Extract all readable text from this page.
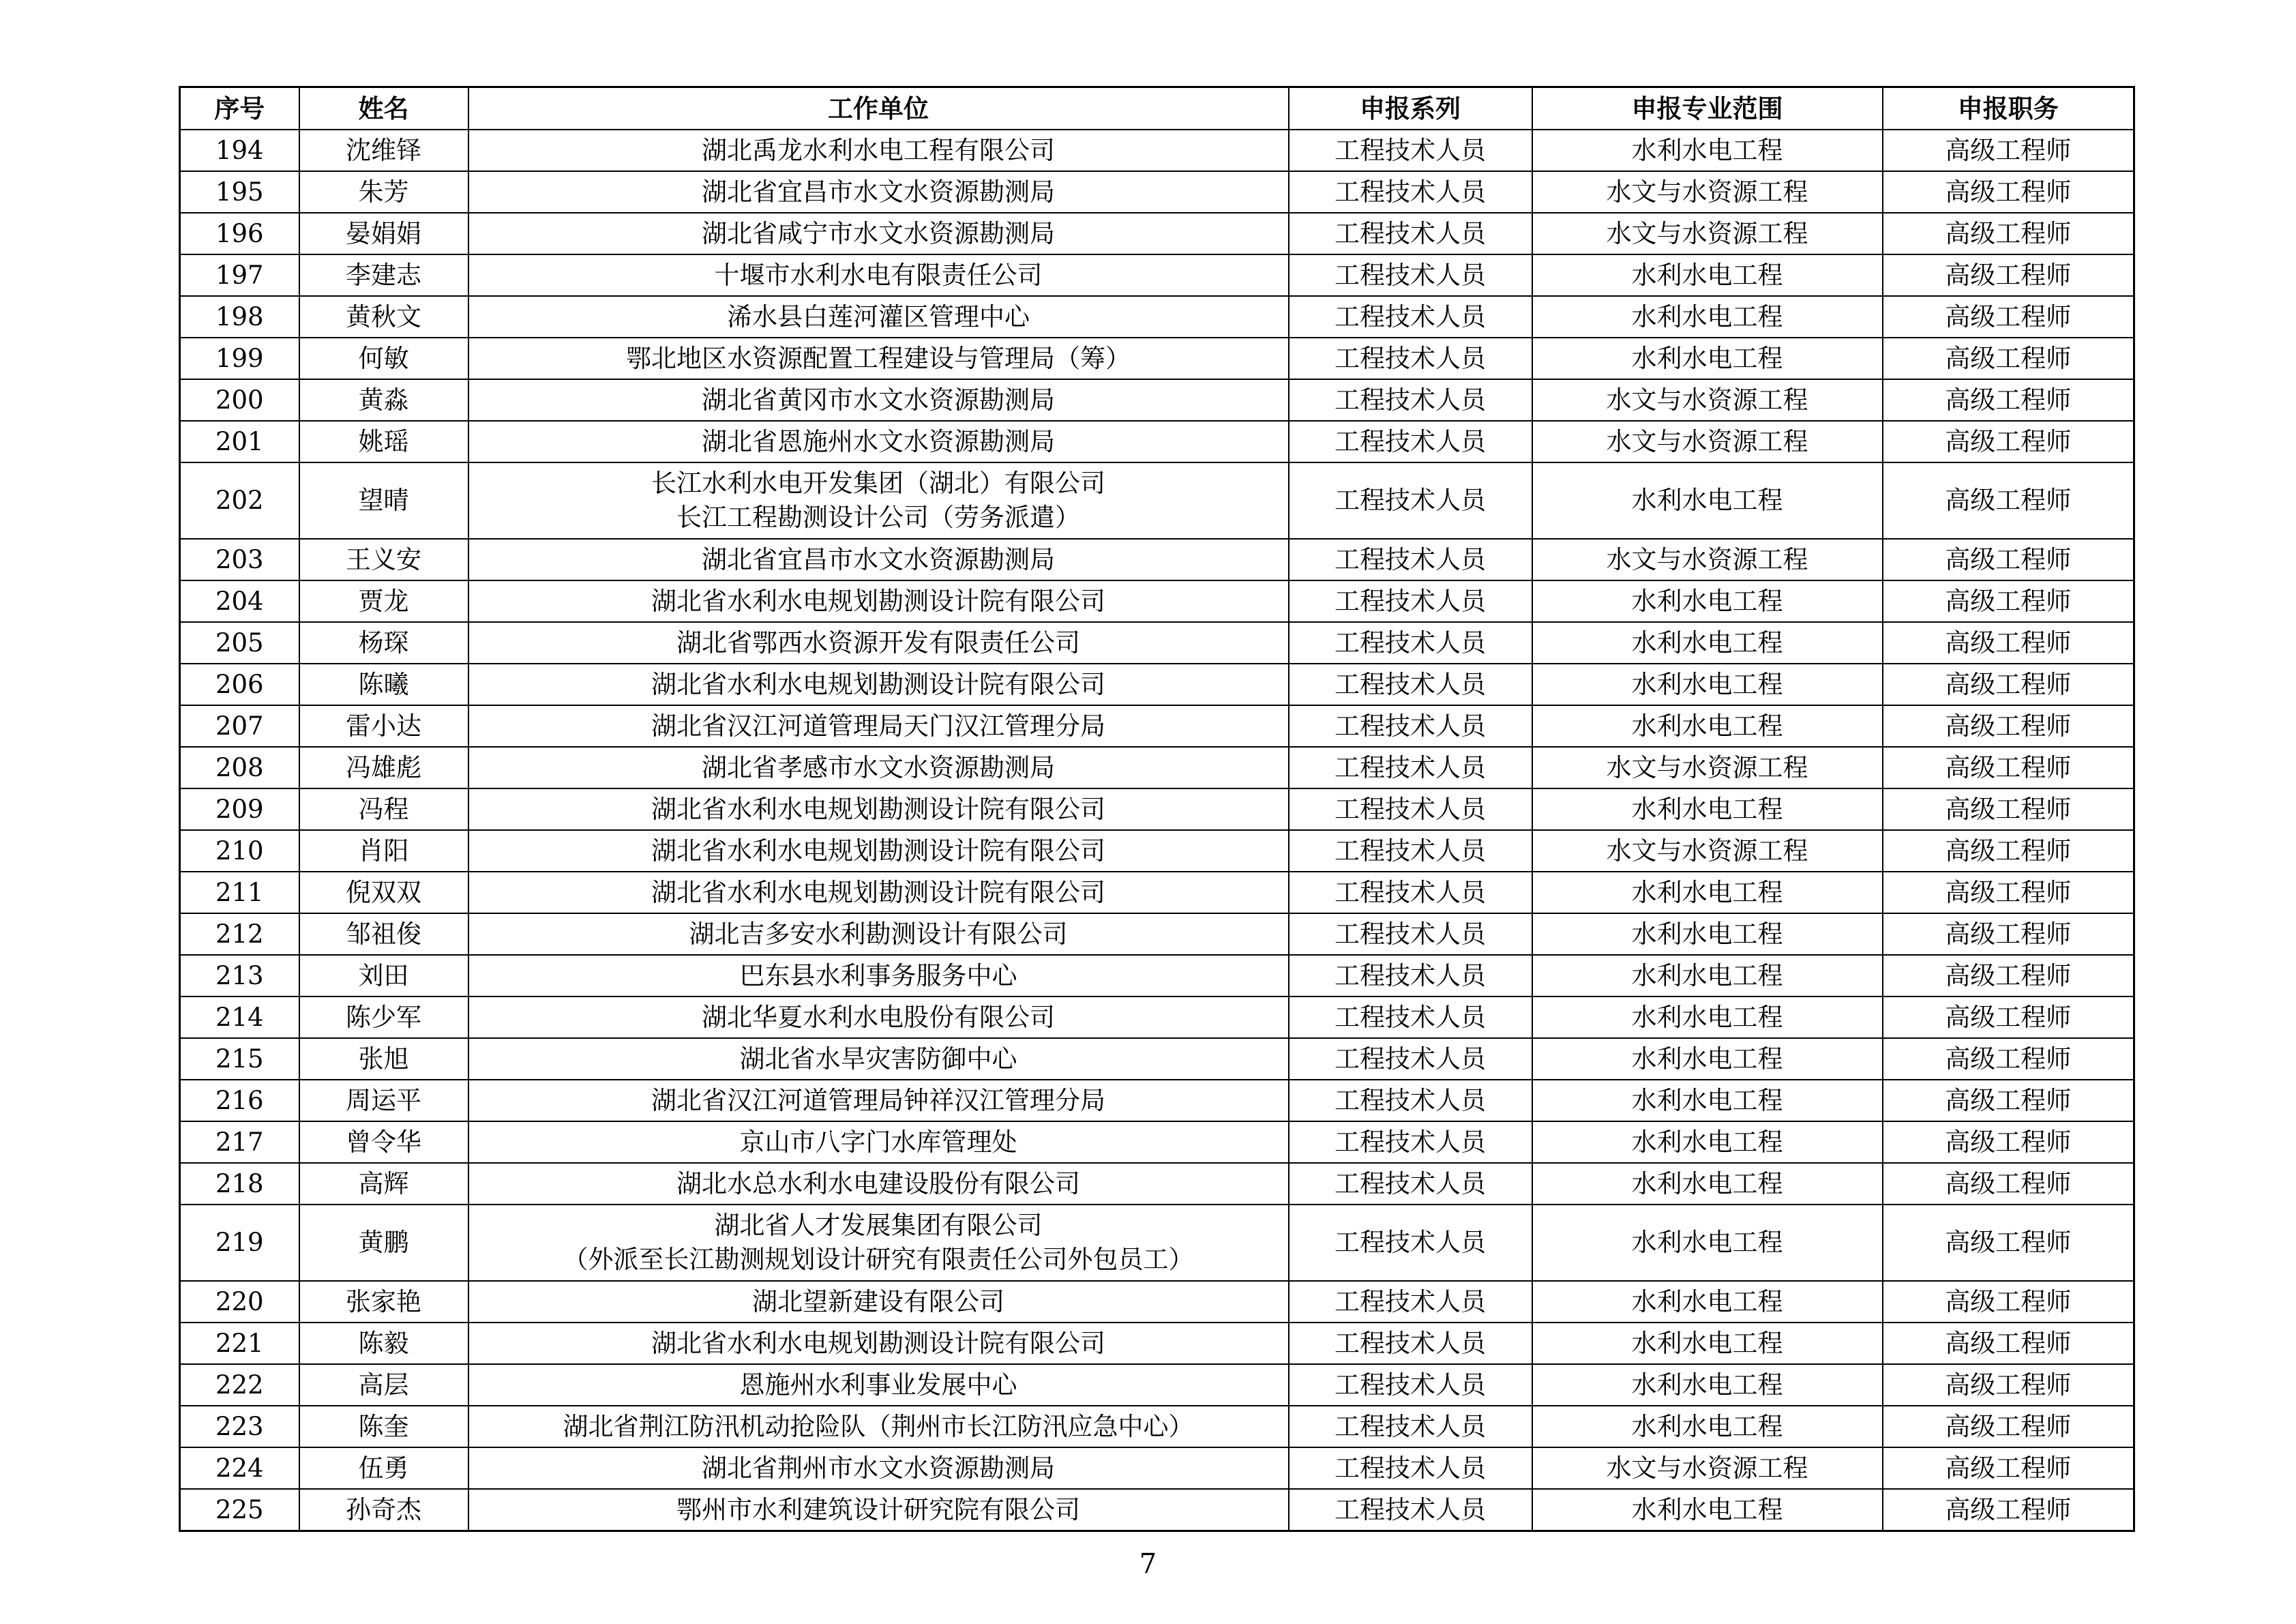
序号	姓名	工作单位	申报系列	申报专业范围	申报职务
194	沈维铎	湖北禹龙水利水电工程有限公司	工程技术人员	水利水电工程	高级工程师
195	朱芳	湖北省宜昌市水文水资源勘测局	工程技术人员	水文与水资源工程	高级工程师
196	晏娟娟	湖北省咸宁市水文水资源勘测局	工程技术人员	水文与水资源工程	高级工程师
197	李建志	十堰市水利水电有限责任公司	工程技术人员	水利水电工程	高级工程师
198	黄秋文	浠水县白莲河灌区管理中心	工程技术人员	水利水电工程	高级工程师
199	何敏	鄂北地区水资源配置工程建设与管理局（筹）	工程技术人员	水利水电工程	高级工程师
200	黄淼	湖北省黄冈市水文水资源勘测局	工程技术人员	水文与水资源工程	高级工程师
201	姚瑶	湖北省恩施州水文水资源勘测局	工程技术人员	水文与水资源工程	高级工程师
202	望晴	长江水利水电开发集团（湖北）有限公司
长江工程勘测设计公司（劳务派遣）	工程技术人员	水利水电工程	高级工程师
203	王义安	湖北省宜昌市水文水资源勘测局	工程技术人员	水文与水资源工程	高级工程师
204	贾龙	湖北省水利水电规划勘测设计院有限公司	工程技术人员	水利水电工程	高级工程师
205	杨琛	湖北省鄂西水资源开发有限责任公司	工程技术人员	水利水电工程	高级工程师
206	陈曦	湖北省水利水电规划勘测设计院有限公司	工程技术人员	水利水电工程	高级工程师
207	雷小达	湖北省汉江河道管理局天门汉江管理分局	工程技术人员	水利水电工程	高级工程师
208	冯雄彪	湖北省孝感市水文水资源勘测局	工程技术人员	水文与水资源工程	高级工程师
209	冯程	湖北省水利水电规划勘测设计院有限公司	工程技术人员	水利水电工程	高级工程师
210	肖阳	湖北省水利水电规划勘测设计院有限公司	工程技术人员	水文与水资源工程	高级工程师
211	倪双双	湖北省水利水电规划勘测设计院有限公司	工程技术人员	水利水电工程	高级工程师
212	邹祖俊	湖北吉多安水利勘测设计有限公司	工程技术人员	水利水电工程	高级工程师
213	刘田	巴东县水利事务服务中心	工程技术人员	水利水电工程	高级工程师
214	陈少军	湖北华夏水利水电股份有限公司	工程技术人员	水利水电工程	高级工程师
215	张旭	湖北省水旱灾害防御中心	工程技术人员	水利水电工程	高级工程师
216	周运平	湖北省汉江河道管理局钟祥汉江管理分局	工程技术人员	水利水电工程	高级工程师
217	曾令华	京山市八字门水库管理处	工程技术人员	水利水电工程	高级工程师
218	高辉	湖北水总水利水电建设股份有限公司	工程技术人员	水利水电工程	高级工程师
219	黄鹏	湖北省人才发展集团有限公司
（外派至长江勘测规划设计研究有限责任公司外包员工）	工程技术人员	水利水电工程	高级工程师
220	张家艳	湖北望新建设有限公司	工程技术人员	水利水电工程	高级工程师
221	陈毅	湖北省水利水电规划勘测设计院有限公司	工程技术人员	水利水电工程	高级工程师
222	高层	恩施州水利事业发展中心	工程技术人员	水利水电工程	高级工程师
223	陈奎	湖北省荆江防汛机动抢险队（荆州市长江防汛应急中心）	工程技术人员	水利水电工程	高级工程师
224	伍勇	湖北省荆州市水文水资源勘测局	工程技术人员	水文与水资源工程	高级工程师
225	孙奇杰	鄂州市水利建筑设计研究院有限公司	工程技术人员	水利水电工程	高级工程师
7
